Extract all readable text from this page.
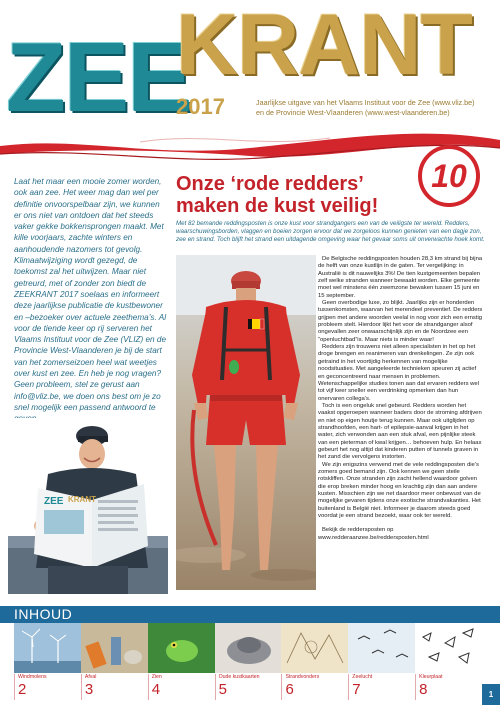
ZEE
KRANT
2017	Jaarlijkse uitgave van het Vlaams Instituut voor de Zee (www.vliz.be)
en de Provincie West-Vlaanderen (www.west-vlaanderen.be)
10
Onze ‘rode redders’
maken de kust veilig!
Met 82 bemande reddingsposten is onze kust voor strandgangers een van de veiligste ter wereld. Redders, waarschuwingsborden, vlaggen en boeien zorgen ervoor dat we zorgeloos kunnen genieten van een dagje zon, zee en strand. Toch blijft het strand een uitdagende omgeving waar het gevaar soms uit onverwachte hoek komt.
Laat het maar een mooie zomer worden, ook aan zee. Het weer mag dan wel per definitie onvoorspelbaar zijn, we kunnen er ons niet van ontdoen dat het steeds vaker gekke bokkensprongen maakt. Met kille voorjaars, zachte winters en aanhoudende nazomers tot gevolg. Klimaatwijziging wordt gezegd, de toekomst zal het uitwijzen. Maar niet getreurd, met of zonder zon biedt de ZEEKRANT 2017 soelaas en informeert deze jaarlijkse publicatie de kustbewoner en –bezoeker over actuele zeethema’s. Al voor de tiende keer op rij serveren het Vlaams Instituut voor de Zee (VLIZ) en de Provincie West-Vlaanderen je bij de start van het zomerseizoen heel wat weetjes over kust en zee. En heb je nog vragen? Geen probleem, stel ze gerust aan info@vliz.be, we doen ons best om je zo snel mogelijk een passend antwoord te
ZEE KRANT

De Belgische reddingsposten houden 28,3 km strand bij bijna de helft van onze kustlijn in de gaten. Ter vergelijking: in Australië is dit nauwelijks 3%! De tien kustgemeenten bepalen zelf welke stranden wanneer bewaakt worden. Elke gemeente moet wel minstens één zwemzone bewaken tussen 15 juni en 15 september.

Geen overbodige luxe, zo blijkt. Jaarlijks zijn er honderden tussenkomsten, waarvan het merendeel preventief. De redders grijpen met andere woorden veelal in nog voor zich een ernstig probleem stelt. Hierdoor lijkt het voor de strandganger alsof ongevallen zeer onwaarschijnlijk zijn en de Noordzee een “openluchtbad”is. Maar niets is minder waar!

Redders zijn trouwens niet alleen specialisten in het op het droge brengen en reanimeren van drenkelingen. Ze zijn ook getraind in het voortijdig herkennen van mogelijke noodsituaties. Met aangeleerde technieken speuren zij actief en geconcentreerd naar mensen in problemen. Wetenschappelijke studies tonen aan dat ervaren redders wel tot vijf keer sneller een verdrinking opmerken dan hun onervaren collega’s.

Toch is een ongeluk snel gebeurd. Redders worden het vaakst opgeroepen wanneer baders door de stroming afdrijven en niet op eigen houtje terug kunnen. Maar ook uitglijden op strandhoofden, een hart- of epilepsie-aanval krijgen in het water, zich verwonden aan een stuk afval, een pijnlijke steek van een pieterman of kwal krijgen… behoeven hulp. En helaas gebeurt het nog altijd dat kinderen putten of tunnels graven in het zand die vervolgens instorten.

We zijn enigszins verwend met de vele reddingsposten die’s zomers goed bemand zijn. Ook kennen we geen steile rotskliffen. Onze stranden zijn zacht hellend waardoor golven die erop breken minder hoog en krachtig zijn dan aan andere kusten. Misschien zijn we net daardoor meer onbewust van de mogelijke gevaren tijdens onze exotische strandvakanties. Het buitenland is België niet. Informeer je daarom steeds goed voordat je een strand bezoekt, waar ook ter wereld.

Bekijk de reddersposten op www.redderaanzee.be/reddersposten.html

INHOUD
Windmolens
2
Afval
3
Zien
4
Oude kustkaarten
5
Strandvonders
6
Zeelucht
7
Kleurplaat
8	1
